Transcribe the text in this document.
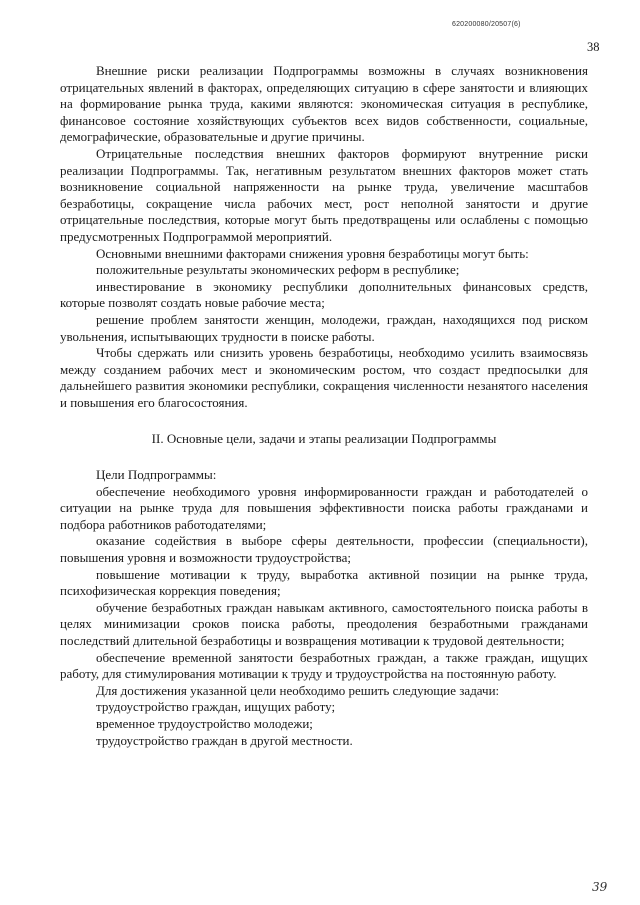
620200080/20507(6)
38

Внешние риски реализации Подпрограммы возможны в случаях возникновения отрицательных явлений в факторах, определяющих ситуацию в сфере занятости и влияющих на формирование рынка труда, какими являются: экономическая ситуация в республике, финансовое состояние хозяйствующих субъектов всех видов собственности, социальные, демографические, образовательные и другие причины.

Отрицательные последствия внешних факторов формируют внутренние риски реализации Подпрограммы. Так, негативным результатом внешних факторов может стать возникновение социальной напряженности на рынке труда, увеличение масштабов безработицы, сокращение числа рабочих мест, рост неполной занятости и другие отрицательные последствия, которые могут быть предотвращены или ослаблены с помощью предусмотренных Подпрограммой мероприятий.

Основными внешними факторами снижения уровня безработицы могут быть:

положительные результаты экономических реформ в республике;

инвестирование в экономику республики дополнительных финансовых средств, которые позволят создать новые рабочие места;

решение проблем занятости женщин, молодежи, граждан, находящихся под риском увольнения, испытывающих трудности в поиске работы.

Чтобы сдержать или снизить уровень безработицы, необходимо усилить взаимосвязь между созданием рабочих мест и экономическим ростом, что создаст предпосылки для дальнейшего развития экономики республики, сокращения численности незанятого населения и повышения его благосостояния.

II. Основные цели, задачи и этапы реализации Подпрограммы

Цели Подпрограммы:

обеспечение необходимого уровня информированности граждан и работодателей о ситуации на рынке труда для повышения эффективности поиска работы гражданами и подбора работников работодателями;

оказание содействия в выборе сферы деятельности, профессии (специальности), повышения уровня и возможности трудоустройства;

повышение мотивации к труду, выработка активной позиции на рынке труда, психофизическая коррекция поведения;

обучение безработных граждан навыкам активного, самостоятельного поиска работы в целях минимизации сроков поиска работы, преодоления безработными гражданами последствий длительной безработицы и возвращения мотивации к трудовой деятельности;

обеспечение временной занятости безработных граждан, а также граждан, ищущих работу, для стимулирования мотивации к труду и трудоустройства на постоянную работу.

Для достижения указанной цели необходимо решить следующие задачи:

трудоустройство граждан, ищущих работу;

временное трудоустройство молодежи;

трудоустройство граждан в другой местности.

39
